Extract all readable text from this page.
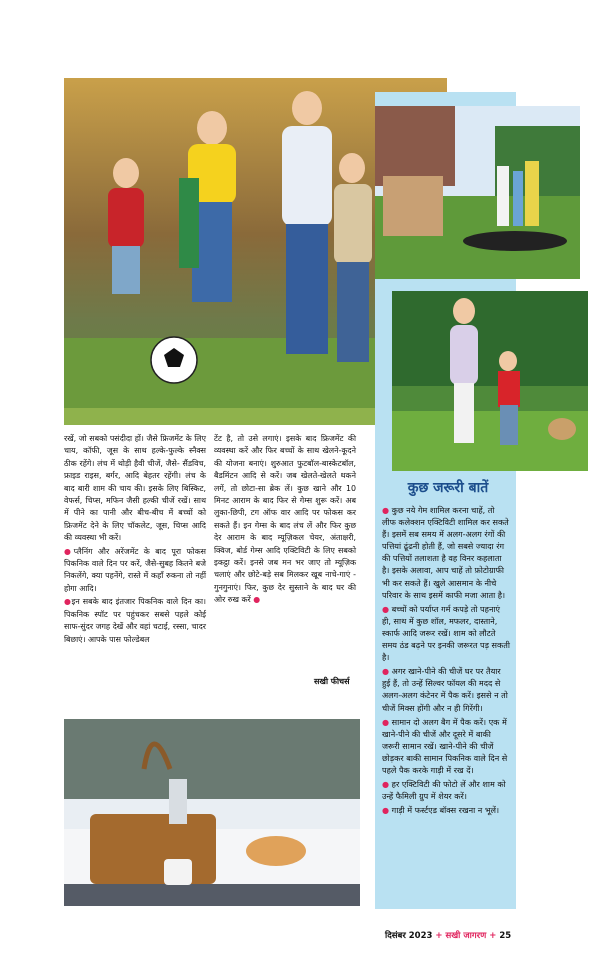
रखें, जो सबको पसंदीदा हों। जैसे फ्रिजमेंट के लिए चाय, कॉफी, जूस के साथ हल्के-फुल्के स्नैक्स ठीक रहेंगे। लंच में थोड़ी हैवी चीजें, जैसे- सैंडविच, फ्राइड राइस, बर्गर, आदि बेहतर रहेंगी। लंच के बाद बारी शाम की चाय की। इसके लिए बिस्किट, वेफर्स, चिप्स, मफिन जैसी हल्की चीजें रखें। साथ में पीने का पानी और बीच-बीच में बच्चों को फ्रिजमेंट देने के लिए चॉकलेट, जूस, चिप्स आदि की व्यवस्था भी करें।

●प्लैनिंग और अरेंजमेंट के बाद पूरा फोकस पिकनिक वाले दिन पर करें, जैसे-सुबह कितने बजे निकलेंगे, क्या पहनेंगे, रास्ते में कहाँ रुकना तो नहीं होगा आदि।

●इन सबके बाद इंतजार पिकनिक वाले दिन का। पिकनिक स्पॉट पर पहुंचकर सबसे पहले कोई साफ-सुंदर जगह देखें और वहां चटाई, रस्सा, चादर बिछाएं। आपके पास फोल्डेबल

टेंट है, तो उसे लगाएं। इसके बाद फ्रिजमेंट की व्यवस्था करें और फिर बच्चों के साथ खेलने-कूदने की योजना बनाएं। शुरुआत फुटबॉल-बास्केटबॉल, बैडमिंटन आदि से करें। जब खेलते-खेलते थकने लगें, तो छोटा-सा ब्रेक लें। कुछ खाने और 10 मिनट आराम के बाद फिर से गेम्स शुरू करें। अब लुका-छिपी, टग ऑफ वार आदि पर फोकस कर सकते हैं। इन गेम्स के बाद लंच लें और फिर कुछ देर आराम के बाद म्यूज़िकल चेयर, अंताक्षरी, क्विज, बोर्ड गेम्स आदि एक्टिविटी के लिए सबको इकट्ठा करें। इनसे जब मन भर जाए तो म्यूज़िक चलाएं और छोटे-बड़े सब मिलकर खूब नाचे-गाएं - गुनगुनाएं। फिर, कुछ देर सुस्ताने के बाद घर की ओर रुख करें ●

सखी फीचर्स
कुछ जरूरी बातें

● कुछ नये गेम शामिल करना चाहें, तो लीफ कलेक्शन एक्टिविटी शामिल कर सकते हैं। इसमें सब समय में अलग-अलग रंगों की पत्तियां ढूंढनी होती हैं, जो सबसे ज्यादा रंग की पत्तियों तलाशता है वह विनर कहलाता है। इसके अलावा, आप चाहें तो फ़ोटोग्राफी भी कर सकते हैं। खुले आसमान के नीचे परिवार के साथ इसमें काफी मजा आता है।

● बच्चों को पर्याप्त गर्म कपड़े तो पहनाएं ही, साथ में कुछ शॉल, मफलर, दास्ताने, स्कार्फ आदि जरूर रखें। शाम को लौटते समय ठंड बढ़ने पर इनकी जरूरत पड़ सकती है।

● अगर खाने-पीने की चीजें घर पर तैयार हुई हैं, तो उन्हें सिल्वर फॉयल की मदद से अलग-अलग कंटेनर में पैक करें। इससे न तो चीजें मिक्स होंगी और न ही गिरेंगी।

● सामान दो अलग बैग में पैक करें। एक में खाने-पीने की चीजें और दूसरे में बाकी जरूरी सामान रखें। खाने-पीने की चीजें छोड़कर बाकी सामान पिकनिक वाले दिन से पहले पैक करके गाड़ी में रख दें।

● हर एक्टिविटी की फोटो लें और शाम को उन्हें फैमिली ग्रुप में शेयर करें।

● गाड़ी में फर्स्टएड बॉक्स रखना न भूलें।

दिसंबर 2023 + सखी जागरण + 25
